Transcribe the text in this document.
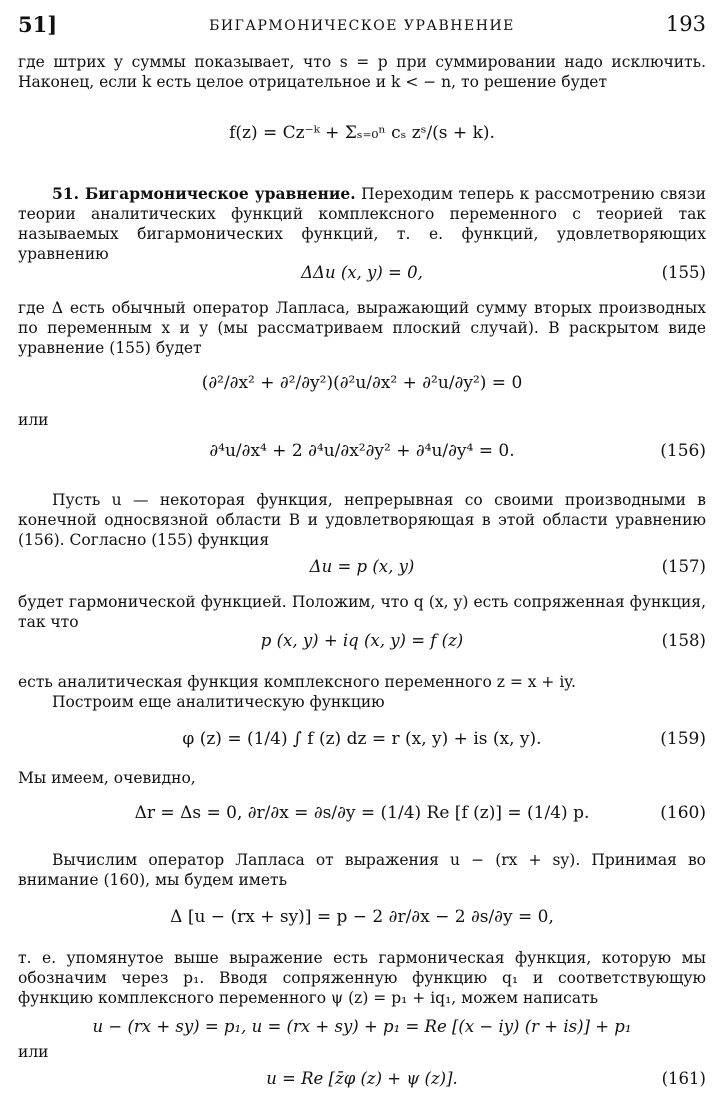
51]	БИГАРМОНИЧЕСКОЕ УРАВНЕНИЕ	193
где штрих у суммы показывает, что s = p при суммировании надо исключить. Наконец, если k есть целое отрицательное и k < − n, то решение будет
f(z) = Cz⁻ᵏ + Σₛ₌₀ⁿ cₛ zˢ/(s + k).
51. Бигармоническое уравнение. Переходим теперь к рассмотрению связи теории аналитических функций комплексного переменного с теорией так называемых бигармонических функций, т. е. функций, удовлетворяющих уравнению
ΔΔu (x, y) = 0,	(155)
где Δ есть обычный оператор Лапласа, выражающий сумму вторых производных по переменным x и y (мы рассматриваем плоский случай). В раскрытом виде уравнение (155) будет
(∂²/∂x² + ∂²/∂y²)(∂²u/∂x² + ∂²u/∂y²) = 0
или
∂⁴u/∂x⁴ + 2 ∂⁴u/∂x²∂y² + ∂⁴u/∂y⁴ = 0.	(156)
Пусть u — некоторая функция, непрерывная со своими производными в конечной односвязной области B и удовлетворяющая в этой области уравнению (156). Согласно (155) функция
Δu = p (x, y)	(157)
будет гармонической функцией. Положим, что q (x, y) есть сопряженная функция, так что
p (x, y) + iq (x, y) = f (z)	(158)
есть аналитическая функция комплексного переменного z = x + iy.
Построим еще аналитическую функцию
φ (z) = (1/4) ∫ f (z) dz = r (x, y) + is (x, y).	(159)
Мы имеем, очевидно,
Δr = Δs = 0, ∂r/∂x = ∂s/∂y = (1/4) Re [f (z)] = (1/4) p.	(160)
Вычислим оператор Лапласа от выражения u − (rx + sy). Принимая во внимание (160), мы будем иметь
Δ [u − (rx + sy)] = p − 2 ∂r/∂x − 2 ∂s/∂y = 0,
т. е. упомянутое выше выражение есть гармоническая функция, которую мы обозначим через p₁. Вводя сопряженную функцию q₁ и соответствующую функцию комплексного переменного ψ (z) = p₁ + iq₁, можем написать
u − (rx + sy) = p₁, u = (rx + sy) + p₁ = Re [(x − iy) (r + is)] + p₁
или
u = Re [z̄φ (z) + ψ (z)].	(161)
